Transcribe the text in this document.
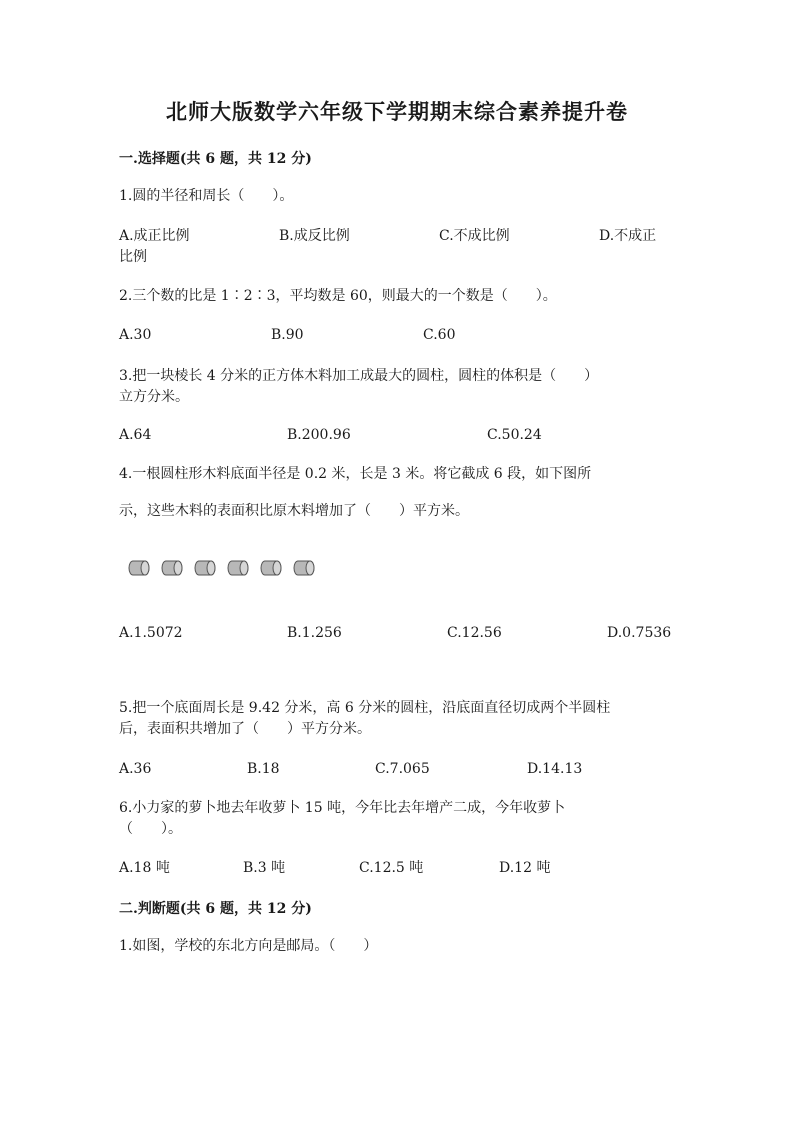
北师大版数学六年级下学期期末综合素养提升卷
一.选择题(共 6 题，共 12 分)
1.圆的半径和周长（　　）。
A.成正比例	B.成反比例	C.不成比例	D.不成正
比例
2.三个数的比是 1∶2∶3，平均数是 60，则最大的一个数是（　　）。
A.30	B.90	C.60
3.把一块棱长 4 分米的正方体木料加工成最大的圆柱，圆柱的体积是（　　）
立方分米。
A.64	B.200.96	C.50.24
4.一根圆柱形木料底面半径是 0.2 米，长是 3 米。将它截成 6 段，如下图所
示，这些木料的表面积比原木料增加了（　　）平方米。
A.1.5072	B.1.256	C.12.56	D.0.7536
5.把一个底面周长是 9.42 分米，高 6 分米的圆柱，沿底面直径切成两个半圆柱
后，表面积共增加了（　　）平方分米。
A.36	B.18	C.7.065	D.14.13
6.小力家的萝卜地去年收萝卜 15 吨，今年比去年增产二成，今年收萝卜
（　　）。
A.18 吨	B.3 吨	C.12.5 吨	D.12 吨
二.判断题(共 6 题，共 12 分)
1.如图，学校的东北方向是邮局。（　　）
